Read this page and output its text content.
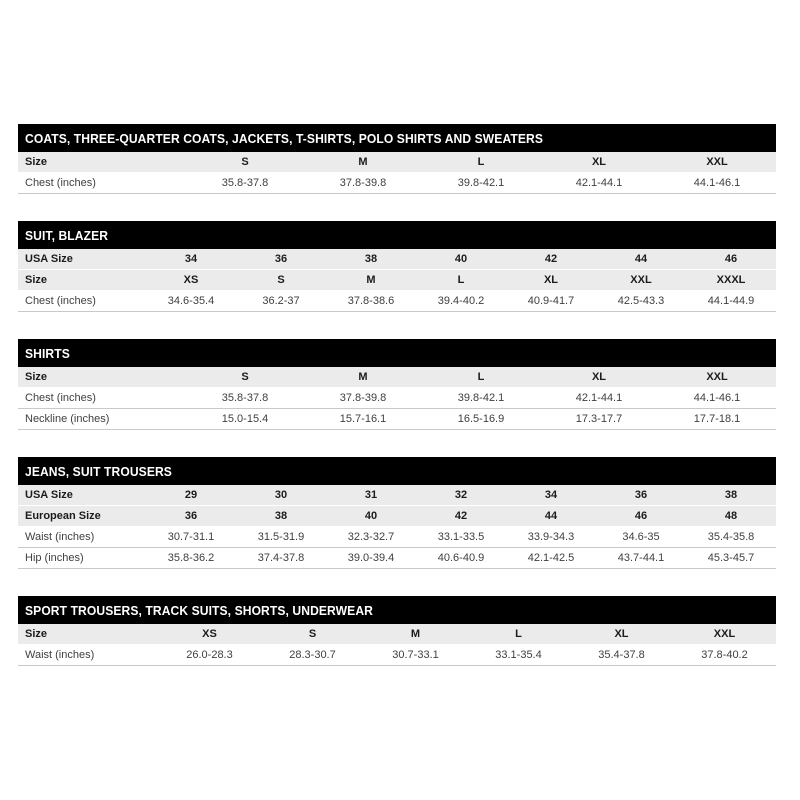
COATS, THREE-QUARTER COATS, JACKETS, T-SHIRTS, POLO SHIRTS AND SWEATERS					
Size	S	M	L	XL	XXL
Chest (inches)	35.8-37.8	37.8-39.8	39.8-42.1	42.1-44.1	44.1-46.1
SUIT, BLAZER							
USA Size	34	36	38	40	42	44	46
Size	XS	S	M	L	XL	XXL	XXXL
Chest (inches)	34.6-35.4	36.2-37	37.8-38.6	39.4-40.2	40.9-41.7	42.5-43.3	44.1-44.9
SHIRTS					
Size	S	M	L	XL	XXL
Chest (inches)	35.8-37.8	37.8-39.8	39.8-42.1	42.1-44.1	44.1-46.1
Neckline (inches)	15.0-15.4	15.7-16.1	16.5-16.9	17.3-17.7	17.7-18.1
JEANS, SUIT TROUSERS							
USA Size	29	30	31	32	34	36	38
European Size	36	38	40	42	44	46	48
Waist (inches)	30.7-31.1	31.5-31.9	32.3-32.7	33.1-33.5	33.9-34.3	34.6-35	35.4-35.8
Hip (inches)	35.8-36.2	37.4-37.8	39.0-39.4	40.6-40.9	42.1-42.5	43.7-44.1	45.3-45.7
SPORT TROUSERS, TRACK SUITS, SHORTS, UNDERWEAR						
Size	XS	S	M	L	XL	XXL
Waist (inches)	26.0-28.3	28.3-30.7	30.7-33.1	33.1-35.4	35.4-37.8	37.8-40.2
